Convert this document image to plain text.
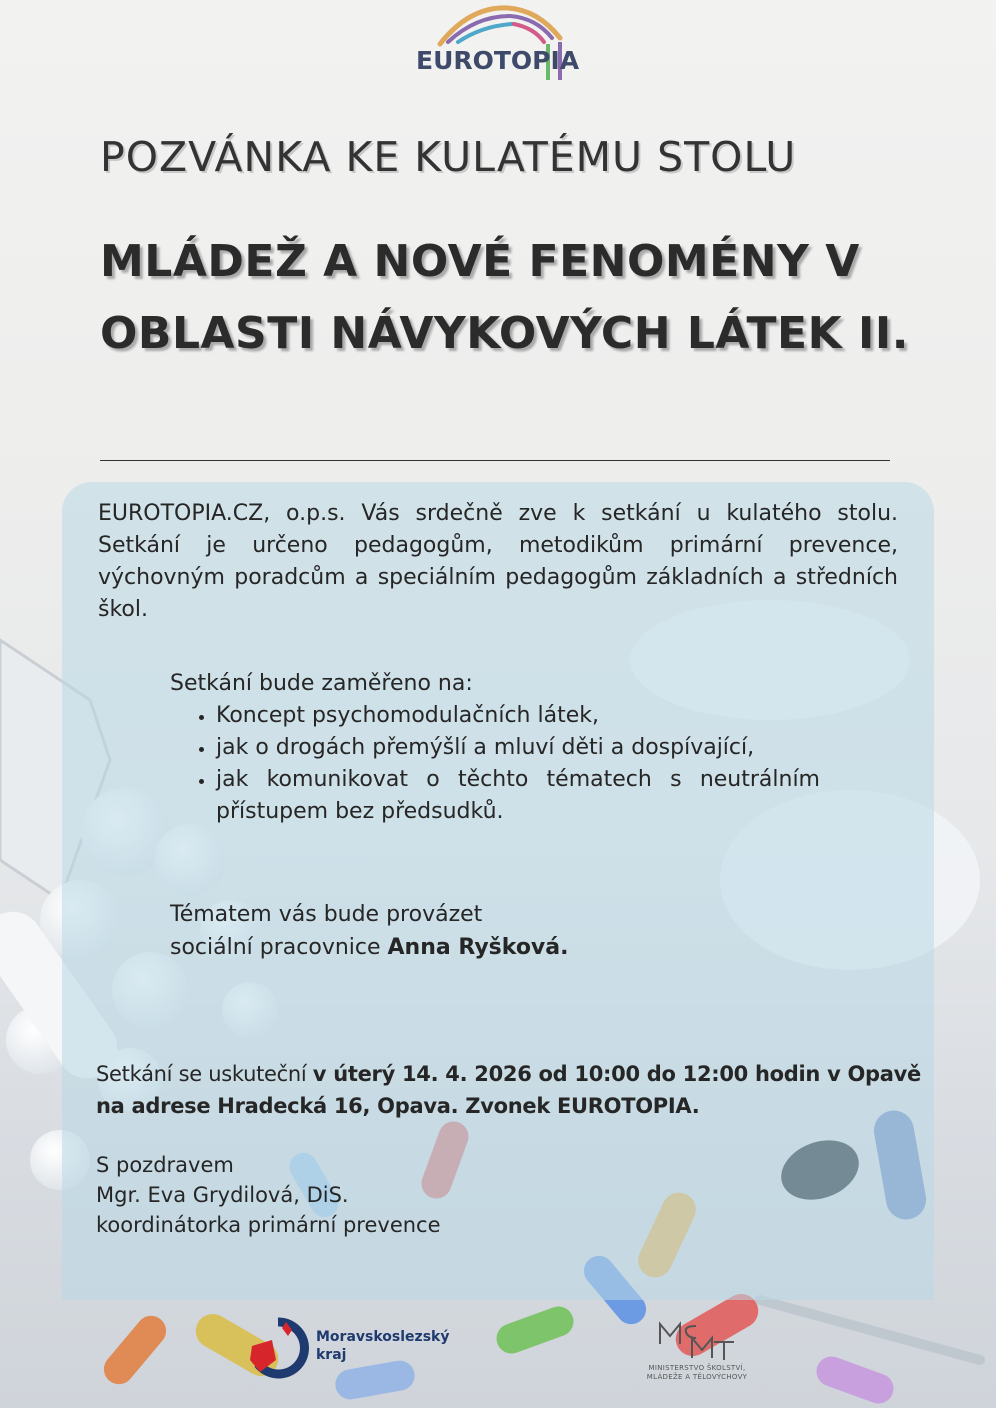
EUROTOPIA
POZVÁNKA KE KULATÉMU STOLU
MLÁDEŽ A NOVÉ FENOMÉNY V
OBLASTI NÁVYKOVÝCH LÁTEK II.
EUROTOPIA.CZ, o.p.s. Vás srdečně zve k setkání u kulatého stolu. Setkání je určeno pedagogům, metodikům primární prevence, výchovným poradcům a speciálním pedagogům základních a středních škol.
Setkání bude zaměřeno na:
• Koncept psychomodulačních látek,
• jak o drogách přemýšlí a mluví děti a dospívající,
• jak komunikovat o těchto tématech s neutrálním přístupem bez předsudků.
Tématem vás bude provázet
sociální pracovnice Anna Ryšková.
Setkání se uskuteční v úterý 14. 4. 2026 od 10:00 do 12:00 hodin v Opavě na adrese Hradecká 16, Opava. Zvonek EUROTOPIA.
S pozdravem
Mgr. Eva Grydilová, DiS.
koordinátorka primární prevence
Moravskoslezský
kraj
MINISTERSTVO ŠKOLSTVÍ,
MLÁDEŽE A TĚLOVÝCHOVY
